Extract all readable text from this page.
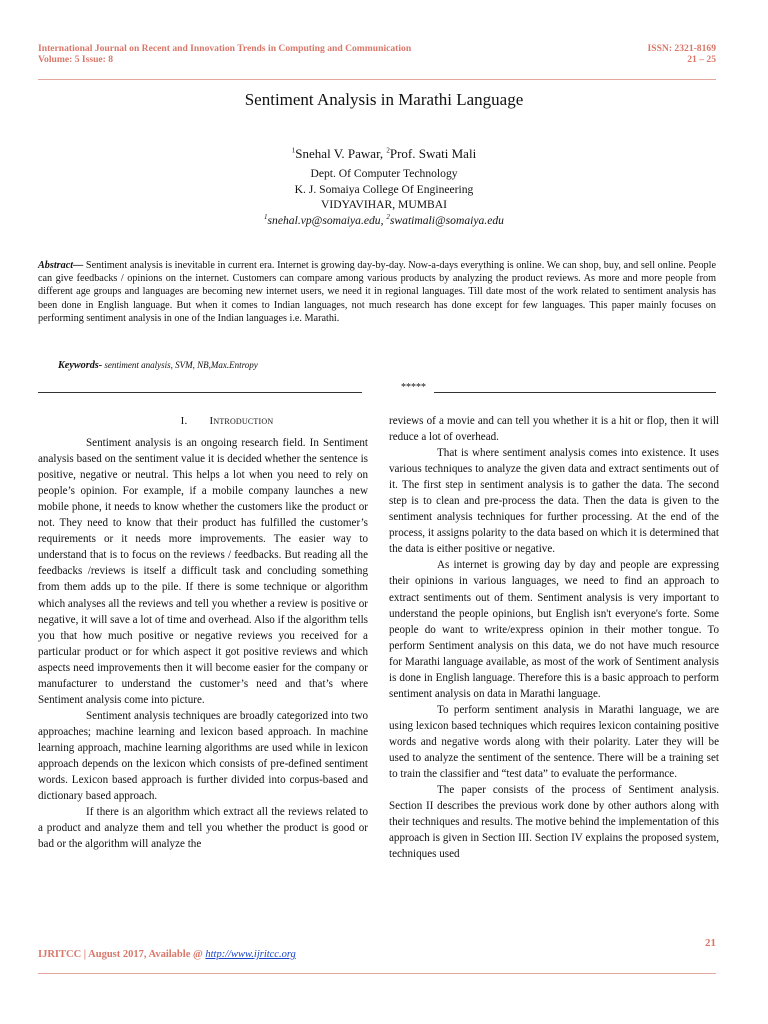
International Journal on Recent and Innovation Trends in Computing and Communication
Volume: 5 Issue: 8
ISSN: 2321-8169
21 – 25
Sentiment Analysis in Marathi Language
$^1$Snehal V. Pawar, $^2$Prof. Swati Mali
Dept. Of Computer Technology
K. J. Somaiya College Of Engineering
VIDYAVIHAR, MUMBAI
$^1$snehal.vp@somaiya.edu, $^2$swatimali@somaiya.edu
Abstract— Sentiment analysis is inevitable in current era. Internet is growing day-by-day. Now-a-days everything is online. We can shop, buy, and sell online. People can give feedbacks / opinions on the internet. Customers can compare among various products by analyzing the product reviews. As more and more people from different age groups and languages are becoming new internet users, we need it in regional languages. Till date most of the work related to sentiment analysis has been done in English language. But when it comes to Indian languages, not much research has done except for few languages. This paper mainly focuses on performing sentiment analysis in one of the Indian languages i.e. Marathi.
Keywords- sentiment analysis, SVM, NB,Max.Entropy
*****

I. Introduction

Sentiment analysis is an ongoing research field. In Sentiment analysis based on the sentiment value it is decided whether the sentence is positive, negative or neutral. This helps a lot when you need to rely on people’s opinion. For example, if a mobile company launches a new mobile phone, it needs to know whether the customers like the product or not. They need to know that their product has fulfilled the customer’s requirements or it needs more improvements. The easier way to understand that is to focus on the reviews / feedbacks. But reading all the feedbacks /reviews is itself a difficult task and concluding something from them adds up to the pile. If there is some technique or algorithm which analyses all the reviews and tell you whether a review is positive or negative, it will save a lot of time and overhead. Also if the algorithm tells you that how much positive or negative reviews you received for a particular product or for which aspect it got positive reviews and which aspects need improvements then it will become easier for the company or manufacturer to understand the customer’s need and that’s where Sentiment analysis come into picture.

Sentiment analysis techniques are broadly categorized into two approaches; machine learning and lexicon based approach. In machine learning approach, machine learning algorithms are used while in lexicon approach depends on the lexicon which consists of pre-defined sentiment words. Lexicon based approach is further divided into corpus-based and dictionary based approach.

If there is an algorithm which extract all the reviews related to a product and analyze them and tell you whether the product is good or bad or the algorithm will analyze the

reviews of a movie and can tell you whether it is a hit or flop, then it will reduce a lot of overhead.

That is where sentiment analysis comes into existence. It uses various techniques to analyze the given data and extract sentiments out of it. The first step in sentiment analysis is to gather the data. The second step is to clean and pre-process the data. Then the data is given to the sentiment analysis techniques for further processing. At the end of the process, it assigns polarity to the data based on which it is determined that the data is either positive or negative.

As internet is growing day by day and people are expressing their opinions in various languages, we need to find an approach to extract sentiments out of them. Sentiment analysis is very important to understand the people opinions, but English isn't everyone's forte. Some people do want to write/express opinion in their mother tongue. To perform Sentiment analysis on this data, we do not have much resource for Marathi language available, as most of the work of Sentiment analysis is done in English language. Therefore this is a basic approach to perform sentiment analysis on data in Marathi language.

To perform sentiment analysis in Marathi language, we are using lexicon based techniques which requires lexicon containing positive words and negative words along with their polarity. Later they will be used to analyze the sentiment of the sentence. There will be a training set to train the classifier and “test data” to evaluate the performance.

The paper consists of the process of Sentiment analysis. Section II describes the previous work done by other authors along with their techniques and results. The motive behind the implementation of this approach is given in Section III. Section IV explains the proposed system, techniques used

21
IJRITCC | August 2017, Available @ http://www.ijritcc.org
